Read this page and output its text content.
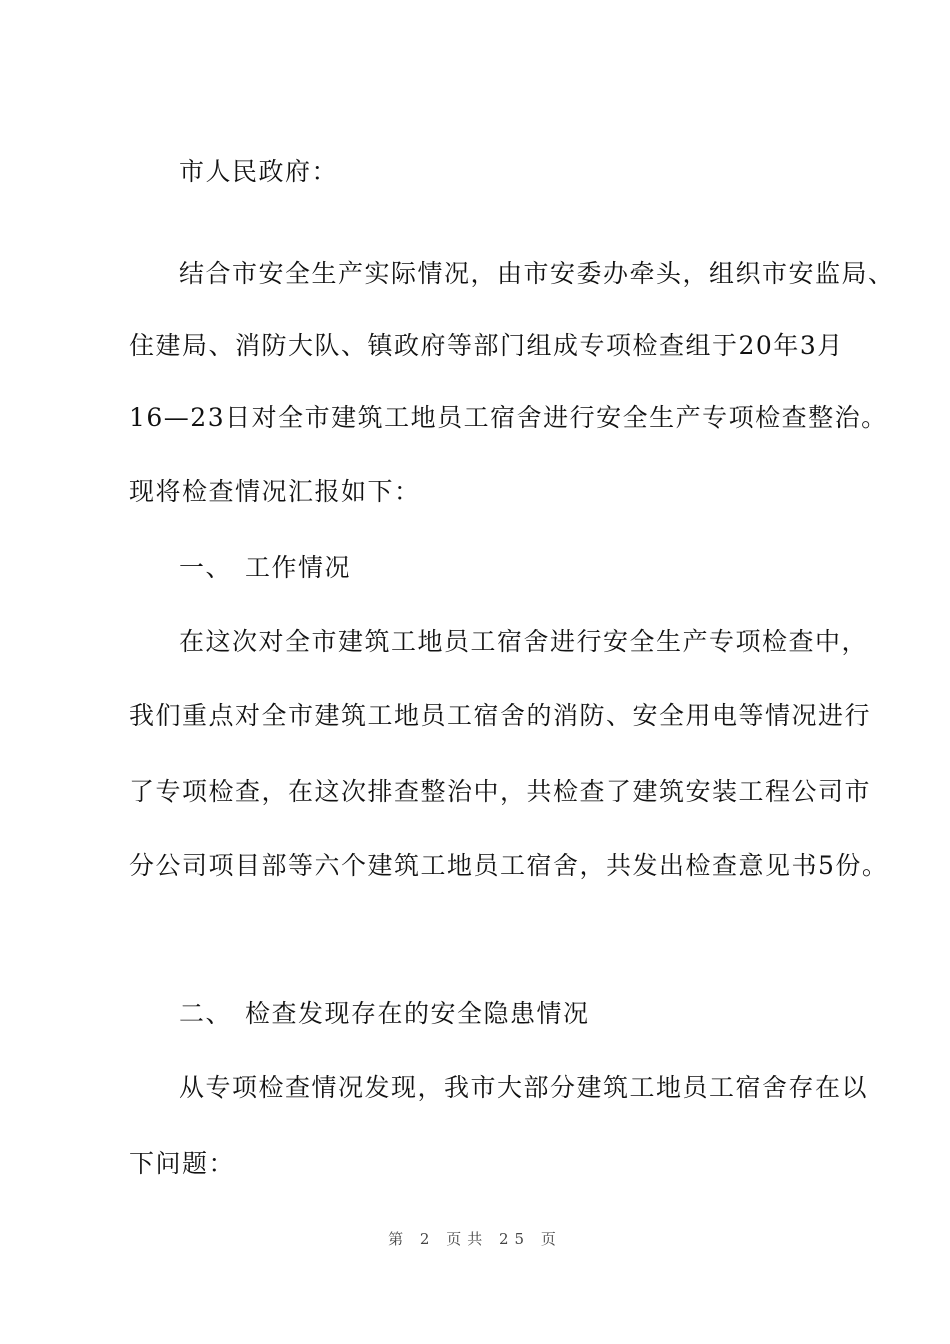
市人民政府：
结合市安全生产实际情况，由市安委办牵头，组织市安监局、
住建局、消防大队、镇政府等部门组成专项检查组于20年3月
16—23日对全市建筑工地员工宿舍进行安全生产专项检查整治。
现将检查情况汇报如下：
一、 工作情况
在这次对全市建筑工地员工宿舍进行安全生产专项检查中，
我们重点对全市建筑工地员工宿舍的消防、安全用电等情况进行
了专项检查，在这次排查整治中，共检查了建筑安装工程公司市
分公司项目部等六个建筑工地员工宿舍，共发出检查意见书5份。
二、 检查发现存在的安全隐患情况
从专项检查情况发现，我市大部分建筑工地员工宿舍存在以
下问题：
第 2 页共 25 页
